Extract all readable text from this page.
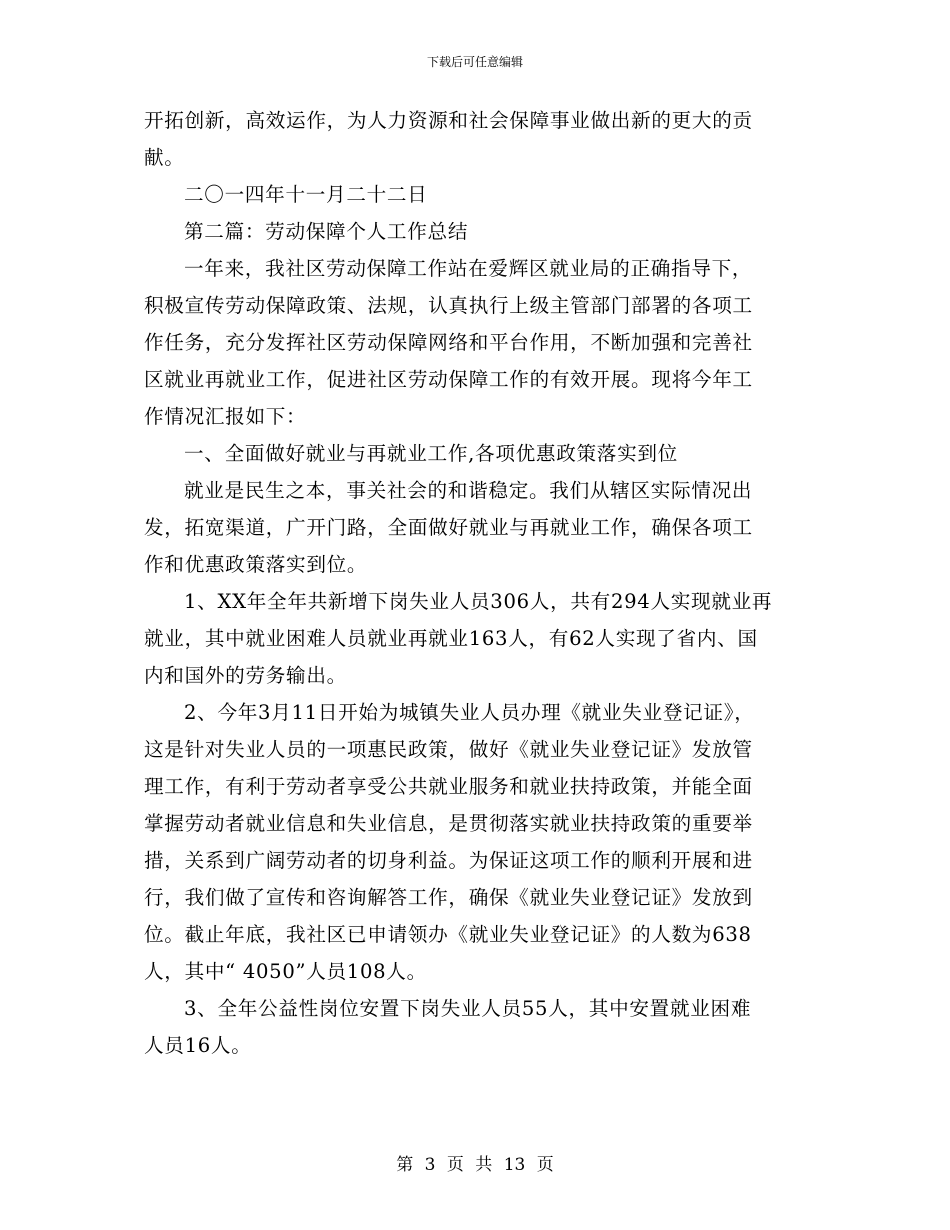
下载后可任意编辑
开拓创新，高效运作，为人力资源和社会保障事业做出新的更大的贡
献。
二〇一四年十一月二十二日
第二篇：劳动保障个人工作总结
一年来，我社区劳动保障工作站在爱辉区就业局的正确指导下，
积极宣传劳动保障政策、法规，认真执行上级主管部门部署的各项工
作任务，充分发挥社区劳动保障网络和平台作用，不断加强和完善社
区就业再就业工作，促进社区劳动保障工作的有效开展。现将今年工
作情况汇报如下：
一、全面做好就业与再就业工作,各项优惠政策落实到位
就业是民生之本，事关社会的和谐稳定。我们从辖区实际情况出
发，拓宽渠道，广开门路，全面做好就业与再就业工作，确保各项工
作和优惠政策落实到位。
1、XX年全年共新增下岗失业人员306人，共有294人实现就业再
就业，其中就业困难人员就业再就业163人，有62人实现了省内、国
内和国外的劳务输出。
2、今年3月11日开始为城镇失业人员办理《就业失业登记证》，
这是针对失业人员的一项惠民政策，做好《就业失业登记证》发放管
理工作，有利于劳动者享受公共就业服务和就业扶持政策，并能全面
掌握劳动者就业信息和失业信息，是贯彻落实就业扶持政策的重要举
措，关系到广阔劳动者的切身利益。为保证这项工作的顺利开展和进
行，我们做了宣传和咨询解答工作，确保《就业失业登记证》发放到
位。截止年底，我社区已申请领办《就业失业登记证》的人数为638
人，其中“ 4050”人员108人。
3、全年公益性岗位安置下岗失业人员55人，其中安置就业困难
人员16人。
第 3 页 共 13 页
